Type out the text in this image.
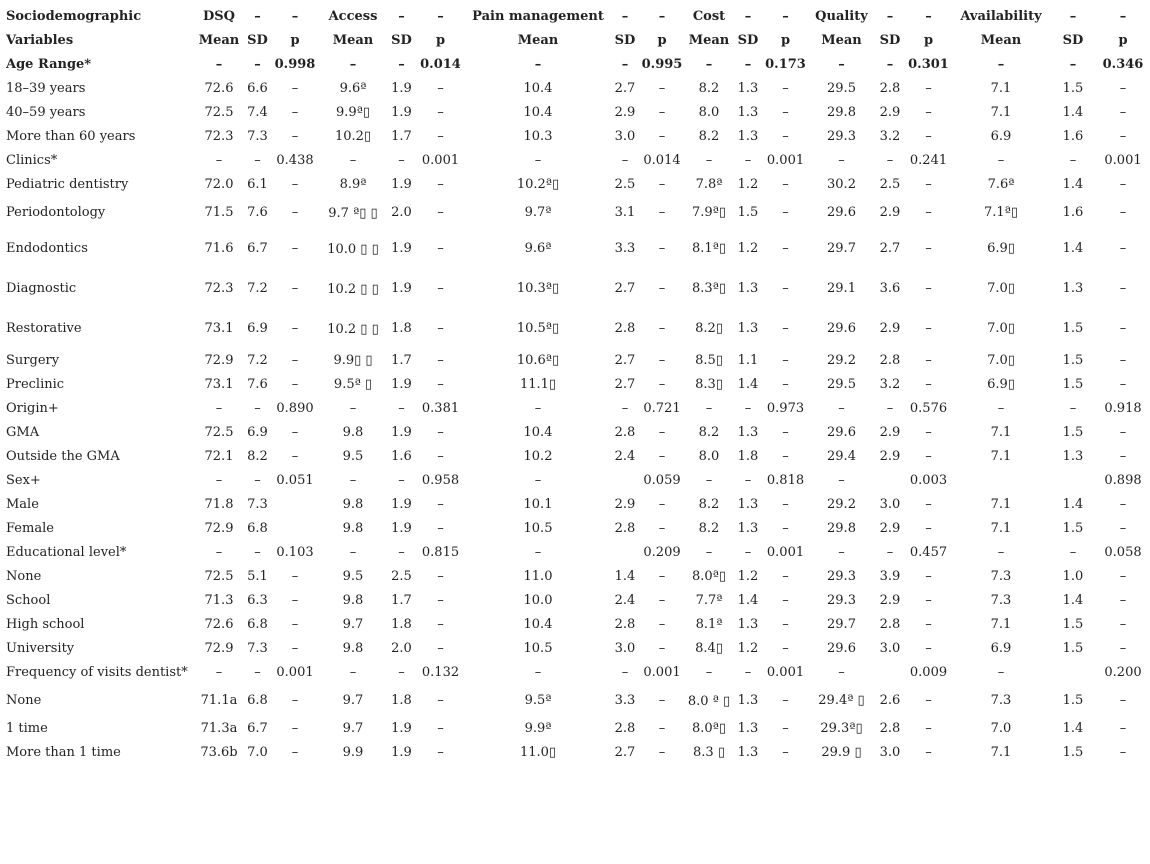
Sociodemographic	DSQ	–	–	Access	–	–	Pain management	–	–	Cost	–	–	Quality	–	–	Availability	–	–
Variables	Mean	SD	p	Mean	SD	p	Mean	SD	p	Mean	SD	p	Mean	SD	p	Mean	SD	p
Age Range*	–	–	0.998	–	–	0.014	–	–	0.995	–	–	0.173	–	–	0.301	–	–	0.346
18–39 years	72.6	6.6	–	9.6ª	1.9	–	10.4	2.7	–	8.2	1.3	–	29.5	2.8	–	7.1	1.5	–
40–59 years	72.5	7.4	–	9.9ª▯	1.9	–	10.4	2.9	–	8.0	1.3	–	29.8	2.9	–	7.1	1.4	–
More than 60 years	72.3	7.3	–	10.2▯	1.7	–	10.3	3.0	–	8.2	1.3	–	29.3	3.2	–	6.9	1.6	–
Clinics*	–	–	0.438	–	–	0.001	–	–	0.014	–	–	0.001	–	–	0.241	–	–	0.001
Pediatric dentistry	72.0	6.1	–	8.9ª	1.9	–	10.2ª▯	2.5	–	7.8ª	1.2	–	30.2	2.5	–	7.6ª	1.4	–
Periodontology	71.5	7.6	–	9.7 ª▯ ▯	2.0	–	9.7ª	3.1	–	7.9ª▯	1.5	–	29.6	2.9	–	7.1ª▯	1.6	–
Endodontics	71.6	6.7	–	10.0 ▯ ▯	1.9	–	9.6ª	3.3	–	8.1ª▯	1.2	–	29.7	2.7	–	6.9▯	1.4	–
Diagnostic	72.3	7.2	–	10.2 ▯ ▯	1.9	–	10.3ª▯	2.7	–	8.3ª▯	1.3	–	29.1	3.6	–	7.0▯	1.3	–
Restorative	73.1	6.9	–	10.2 ▯ ▯	1.8	–	10.5ª▯	2.8	–	8.2▯	1.3	–	29.6	2.9	–	7.0▯	1.5	–
Surgery	72.9	7.2	–	9.9▯ ▯	1.7	–	10.6ª▯	2.7	–	8.5▯	1.1	–	29.2	2.8	–	7.0▯	1.5	–
Preclinic	73.1	7.6	–	9.5ª ▯	1.9	–	11.1▯	2.7	–	8.3▯	1.4	–	29.5	3.2	–	6.9▯	1.5	–
Origin+	–	–	0.890	–	–	0.381	–	–	0.721	–	–	0.973	–	–	0.576	–	–	0.918
GMA	72.5	6.9	–	9.8	1.9	–	10.4	2.8	–	8.2	1.3	–	29.6	2.9	–	7.1	1.5	–
Outside the GMA	72.1	8.2	–	9.5	1.6	–	10.2	2.4	–	8.0	1.8	–	29.4	2.9	–	7.1	1.3	–
Sex+	–	–	0.051	–	–	0.958	–		0.059	–	–	0.818	–		0.003			0.898
Male	71.8	7.3		9.8	1.9	–	10.1	2.9	–	8.2	1.3	–	29.2	3.0	–	7.1	1.4	–
Female	72.9	6.8		9.8	1.9	–	10.5	2.8	–	8.2	1.3	–	29.8	2.9	–	7.1	1.5	–
Educational level*	–	–	0.103	–	–	0.815	–		0.209	–	–	0.001	–	–	0.457	–	–	0.058
None	72.5	5.1	–	9.5	2.5	–	11.0	1.4	–	8.0ª▯	1.2	–	29.3	3.9	–	7.3	1.0	–
School	71.3	6.3	–	9.8	1.7	–	10.0	2.4	–	7.7ª	1.4	–	29.3	2.9	–	7.3	1.4	–
High school	72.6	6.8	–	9.7	1.8	–	10.4	2.8	–	8.1ª	1.3	–	29.7	2.8	–	7.1	1.5	–
University	72.9	7.3	–	9.8	2.0	–	10.5	3.0	–	8.4▯	1.2	–	29.6	3.0	–	6.9	1.5	–
Frequency of visits dentist*	–	–	0.001	–	–	0.132	–	–	0.001	–	–	0.001	–		0.009	–		0.200
None	71.1a	6.8	–	9.7	1.8	–	9.5ª	3.3	–	8.0 ª ▯	1.3	–	29.4ª ▯	2.6	–	7.3	1.5	–
1 time	71.3a	6.7	–	9.7	1.9	–	9.9ª	2.8	–	8.0ª▯	1.3	–	29.3ª▯	2.8	–	7.0	1.4	–
More than 1 time	73.6b	7.0	–	9.9	1.9	–	11.0▯	2.7	–	8.3 ▯	1.3	–	29.9 ▯	3.0	–	7.1	1.5	–
